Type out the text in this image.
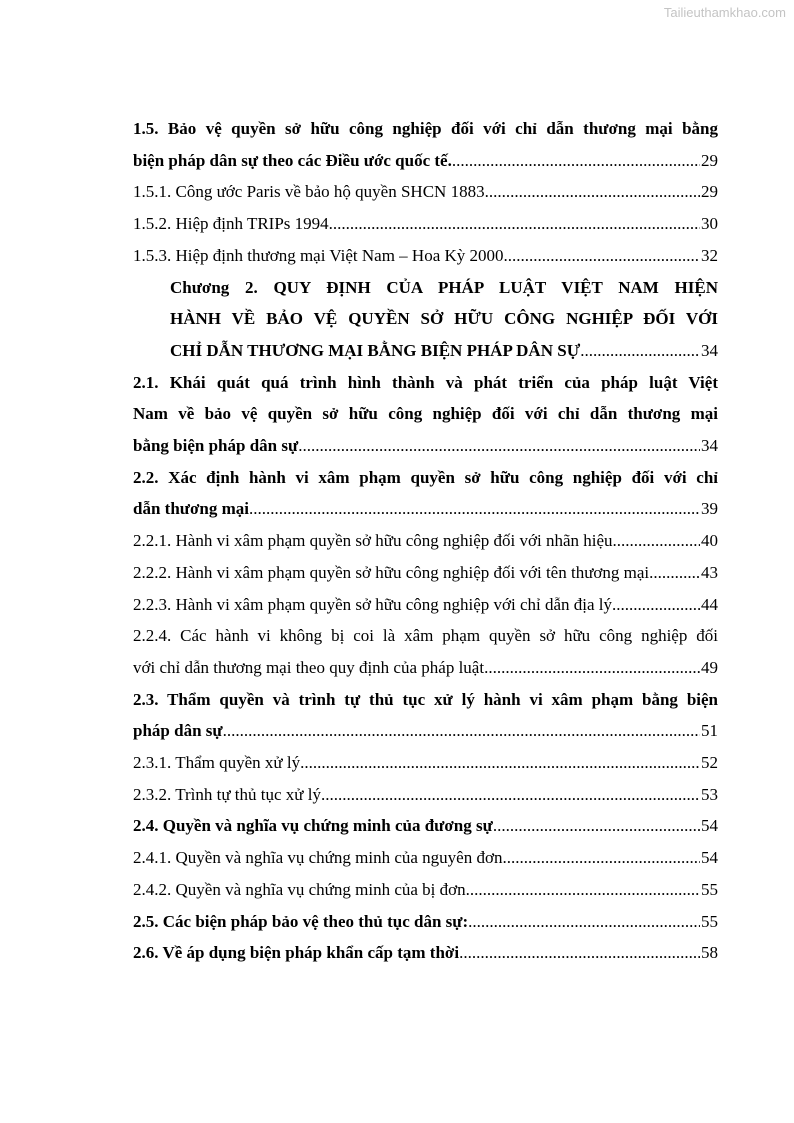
Tailieuthamkhao.com
1.5. Bảo vệ quyền sở hữu công nghiệp đối với chỉ dẫn thương mại bằng
biện pháp dân sự theo các Điều ước quốc tế. .....	29
1.5.1. Công ước Paris về bảo hộ quyền SHCN 1883 .....	29
1.5.2. Hiệp định TRIPs 1994 .....	30
1.5.3. Hiệp định thương mại Việt Nam – Hoa Kỳ 2000 .....	32
Chương 2. QUY ĐỊNH CỦA PHÁP LUẬT VIỆT NAM HIỆN
HÀNH VỀ BẢO VỆ QUYỀN SỞ HỮU CÔNG NGHIỆP ĐỐI VỚI
CHỈ DẪN THƯƠNG MẠI BẰNG BIỆN PHÁP DÂN SỰ .....	34
2.1. Khái quát quá trình hình thành và phát triển của pháp luật Việt
Nam về bảo vệ quyền sở hữu công nghiệp đối với chỉ dẫn thương mại
bằng biện pháp dân sự .....	34
2.2. Xác định hành vi xâm phạm quyền sở hữu công nghiệp đối với chỉ
dẫn thương mại .....	39
2.2.1. Hành vi xâm phạm quyền sở hữu công nghiệp đối với nhãn hiệu .....	40
2.2.2. Hành vi xâm phạm quyền sở hữu công nghiệp đối với tên thương mại .....	43
2.2.3. Hành vi xâm phạm quyền sở hữu công nghiệp với chỉ dẫn địa lý .....	44
2.2.4. Các hành vi không bị coi là xâm phạm quyền sở hữu công nghiệp đối
với chỉ dẫn thương mại theo quy định của pháp luật .....	49
2.3. Thẩm quyền và trình tự thủ tục xử lý hành vi xâm phạm bằng biện
pháp dân sự .....	51
2.3.1. Thẩm quyền xử lý .....	52
2.3.2. Trình tự thủ tục xử lý .....	53
2.4. Quyền và nghĩa vụ chứng minh của đương sự .....	54
2.4.1. Quyền và nghĩa vụ chứng minh của nguyên đơn .....	54
2.4.2. Quyền và nghĩa vụ chứng minh của bị đơn .....	55
2.5. Các biện pháp bảo vệ theo thủ tục dân sự: .....	55
2.6. Về áp dụng biện pháp khẩn cấp tạm thời .....	58
